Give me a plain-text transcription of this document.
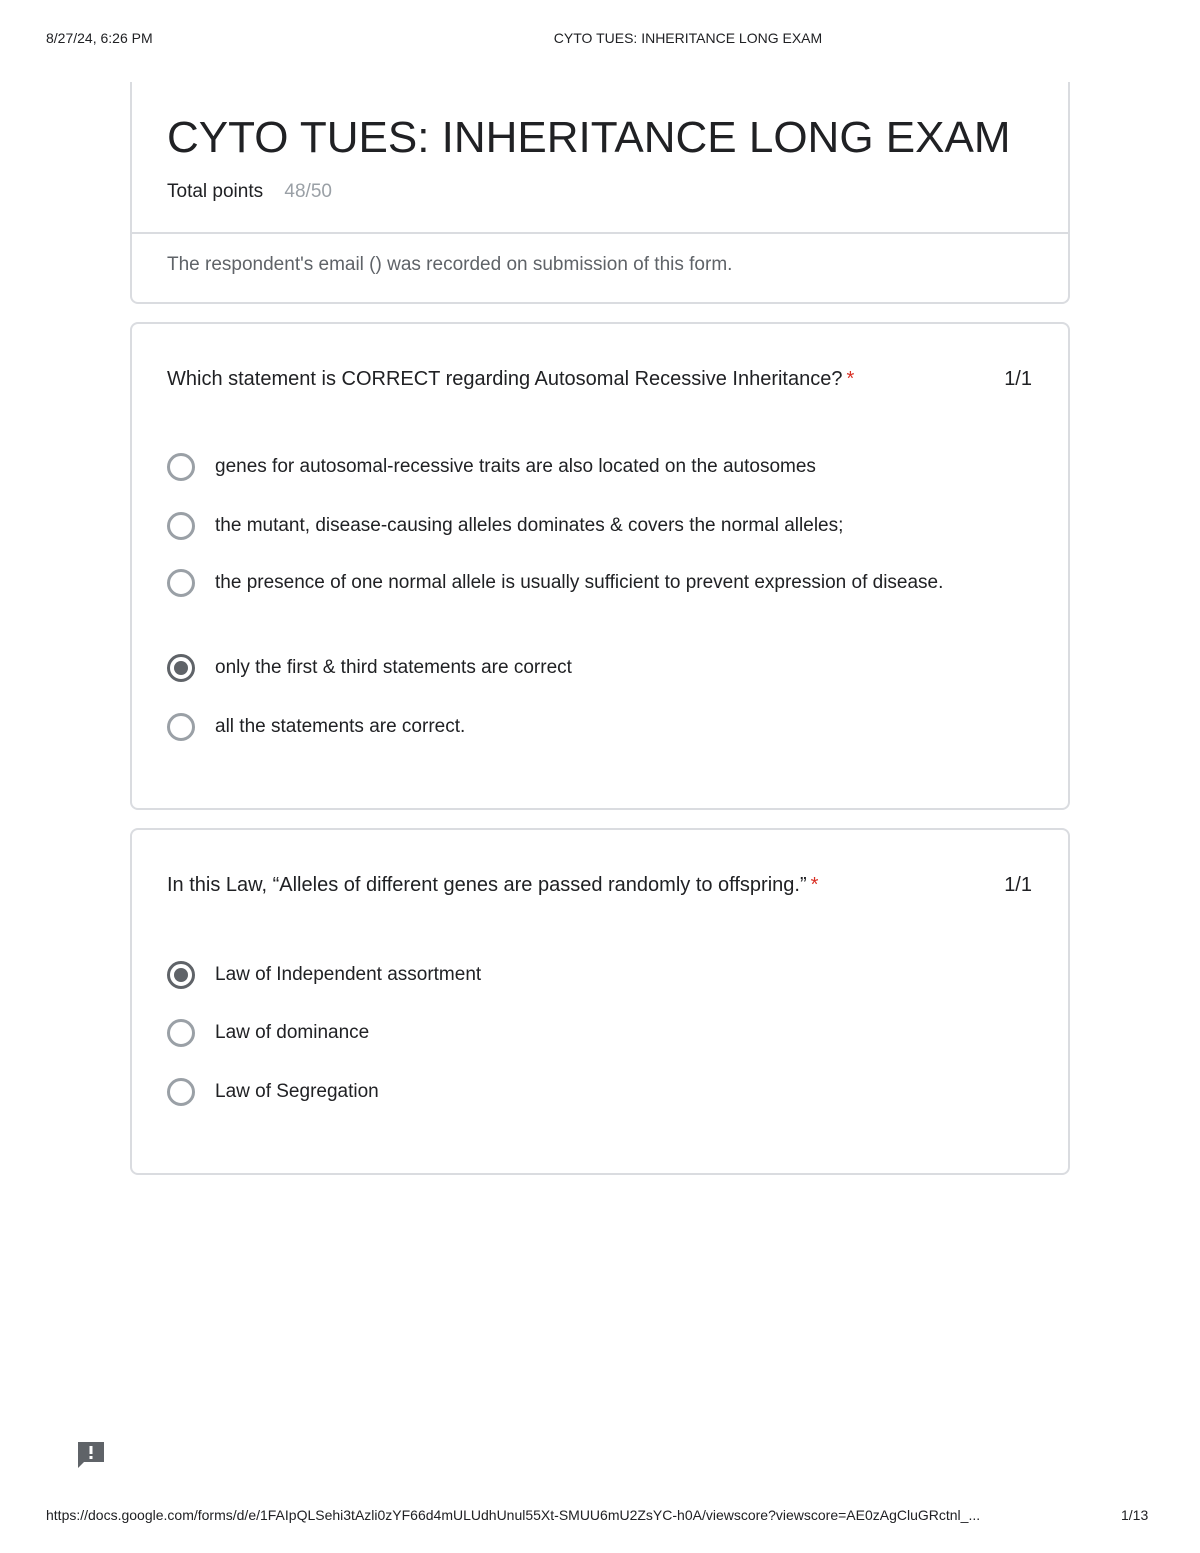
8/27/24, 6:26 PM	CYTO TUES: INHERITANCE LONG EXAM
CYTO TUES: INHERITANCE LONG EXAM
Total points 48/50
The respondent's email () was recorded on submission of this form.
Which statement is CORRECT regarding Autosomal Recessive Inheritance? *	1/1
genes for autosomal-recessive traits are also located on the autosomes
the mutant, disease-causing alleles dominates & covers the normal alleles;
the presence of one normal allele is usually sufficient to prevent expression of disease.
only the first & third statements are correct
all the statements are correct.
In this Law, “Alleles of different genes are passed randomly to offspring.” *	1/1
Law of Independent assortment
Law of dominance
Law of Segregation
https://docs.google.com/forms/d/e/1FAIpQLSehi3tAzli0zYF66d4mULUdhUnul55Xt-SMUU6mU2ZsYC-h0A/viewscore?viewscore=AE0zAgCluGRctnl_...	1/13
